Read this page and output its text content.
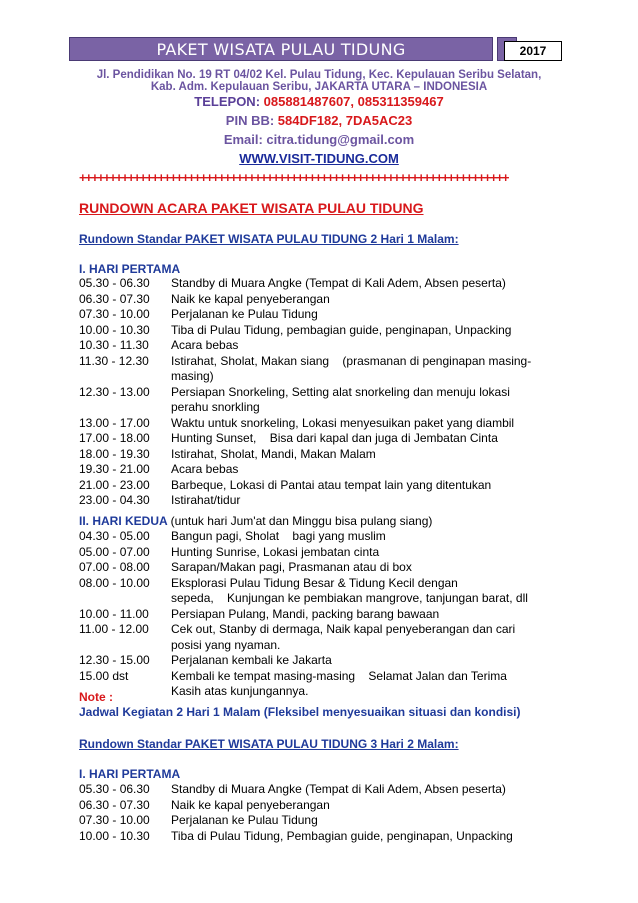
PAKET WISATA PULAU TIDUNG	2017
Jl. Pendidikan No. 19 RT 04/02 Kel. Pulau Tidung, Kec. Kepulauan Seribu Selatan,
Kab. Adm. Kepulauan Seribu, JAKARTA UTARA – INDONESIA
TELEPON: 085881487607, 085311359467
PIN BB: 584DF182, 7DA5AC23
Email: citra.tidung@gmail.com
WWW.VISIT-TIDUNG.COM
+++++++++++++++++++++++++++++++++++++++++++++++++++++++++++++++++++++++
RUNDOWN ACARA PAKET WISATA PULAU TIDUNG
Rundown Standar PAKET WISATA PULAU TIDUNG 2 Hari 1 Malam:
I. HARI PERTAMA
05.30 - 06.30	Standby di Muara Angke (Tempat di Kali Adem, Absen peserta)
06.30 - 07.30	Naik ke kapal penyeberangan
07.30 - 10.00	Perjalanan ke Pulau Tidung
10.00 - 10.30	Tiba di Pulau Tidung, pembagian guide, penginapan, Unpacking
10.30 - 11.30	Acara bebas
11.30 - 12.30	Istirahat, Sholat, Makan siang    (prasmanan di penginapan masing-
masing)
12.30 - 13.00	Persiapan Snorkeling, Setting alat snorkeling dan menuju lokasi
perahu snorkling
13.00 - 17.00	Waktu untuk snorkeling, Lokasi menyesuikan paket yang diambil
17.00 - 18.00	Hunting Sunset,    Bisa dari kapal dan juga di Jembatan Cinta
18.00 - 19.30	Istirahat, Sholat, Mandi, Makan Malam
19.30 - 21.00	Acara bebas
21.00 - 23.00	Barbeque, Lokasi di Pantai atau tempat lain yang ditentukan
23.00 - 04.30	Istirahat/tidur
II. HARI KEDUA (untuk hari Jum'at dan Minggu bisa pulang siang)
04.30 - 05.00	Bangun pagi, Sholat    bagi yang muslim
05.00 - 07.00	Hunting Sunrise, Lokasi jembatan cinta
07.00 - 08.00	Sarapan/Makan pagi, Prasmanan atau di box
08.00 - 10.00	Eksplorasi Pulau Tidung Besar & Tidung Kecil dengan
sepeda,    Kunjungan ke pembiakan mangrove, tanjungan barat, dll
10.00 - 11.00	Persiapan Pulang, Mandi, packing barang bawaan
11.00 - 12.00	Cek out, Stanby di dermaga, Naik kapal penyeberangan dan cari
posisi yang nyaman.
12.30 - 15.00	Perjalanan kembali ke Jakarta
15.00 dst	Kembali ke tempat masing-masing    Selamat Jalan dan Terima
Kasih atas kunjungannya.
Note :
Jadwal Kegiatan 2 Hari 1 Malam (Fleksibel menyesuaikan situasi dan kondisi)
Rundown Standar PAKET WISATA PULAU TIDUNG 3 Hari 2 Malam:
I. HARI PERTAMA
05.30 - 06.30	Standby di Muara Angke (Tempat di Kali Adem, Absen peserta)
06.30 - 07.30	Naik ke kapal penyeberangan
07.30 - 10.00	Perjalanan ke Pulau Tidung
10.00 - 10.30	Tiba di Pulau Tidung, Pembagian guide, penginapan, Unpacking
